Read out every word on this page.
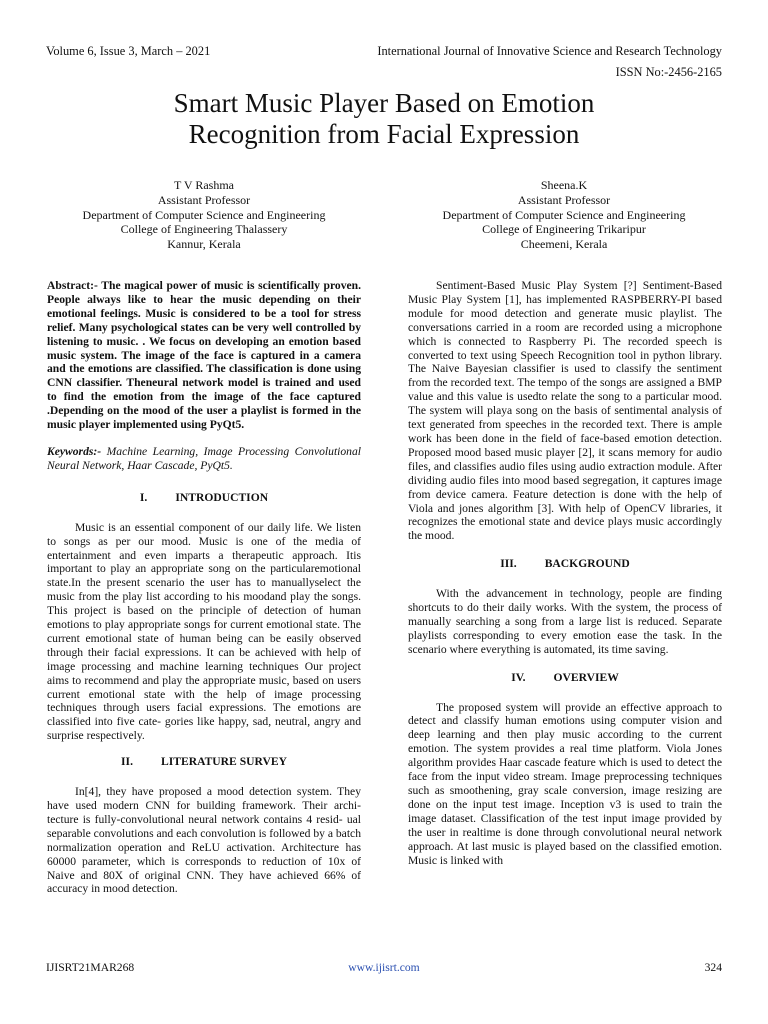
Volume 6, Issue 3, March – 2021	International Journal of Innovative Science and Research Technology
ISSN No:-2456-2165
Smart Music Player Based on Emotion
Recognition from Facial Expression
T V Rashma
Assistant Professor
Department of Computer Science and Engineering
College of Engineering Thalassery
Kannur, Kerala
Sheena.K
Assistant Professor
Department of Computer Science and Engineering
College of Engineering Trikaripur
Cheemeni, Kerala

Abstract:- The magical power of music is scientifically proven. People always like to hear the music depending on their emotional feelings. Music is considered to be a tool for stress relief. Many psychological states can be very well controlled by listening to music. . We focus on developing an emotion based music system. The image of the face is captured in a camera and the emotions are classified. The classification is done using CNN classifier. Theneural network model is trained and used to find the emotion from the image of the face captured .Depending on the mood of the user a playlist is formed in the music player implemented using PyQt5.

Keywords:- Machine Learning, Image Processing Convolutional Neural Network, Haar Cascade, PyQt5.

I. INTRODUCTION

Music is an essential component of our daily life. We listen to songs as per our mood. Music is one of the media of entertainment and even imparts a therapeutic approach. Itis important to play an appropriate song on the particularemotional state.In the present scenario the user has to manuallyselect the music from the play list according to his moodand play the songs. This project is based on the principle of detection of human emotions to play appropriate songs for current emotional state. The current emotional state of human being can be easily observed through their facial expressions. It can be achieved with help of image processing and machine learning techniques Our project aims to recommend and play the appropriate music, based on users current emotional state with the help of image processing techniques through users facial expressions. The emotions are classified into five cate- gories like happy, sad, neutral, angry and surprise respectively.

II. LITERATURE SURVEY

In[4], they have proposed a mood detection system. They have used modern CNN for building framework. Their archi- tecture is fully-convolutional neural network contains 4 resid- ual separable convolutions and each convolution is followed by a batch normalization operation and ReLU activation. Architecture has 60000 parameter, which is corresponds to reduction of 10x of Naive and 80X of original CNN. They have achieved 66% of accuracy in mood detection.

Sentiment-Based Music Play System [?] Sentiment-Based Music Play System [1], has implemented RASPBERRY-PI based module for mood detection and generate music playlist. The conversations carried in a room are recorded using a microphone which is connected to Raspberry Pi. The recorded speech is converted to text using Speech Recognition tool in python library. The Naive Bayesian classifier is used to classify the sentiment from the recorded text. The tempo of the songs are assigned a BMP value and this value is usedto relate the song to a particular mood. The system will playa song on the basis of sentimental analysis of text generated from speeches in the recorded text. There is ample work has been done in the field of face-based emotion detection. Proposed mood based music player [2], it scans memory for audio files, and classifies audio files using audio extraction module. After dividing audio files into mood based segregation, it captures image from device camera. Feature detection is done with the help of Viola and jones algorithm [3]. With help of OpenCV libraries, it recognizes the emotional state and device plays music accordingly the mood.

III. BACKGROUND

With the advancement in technology, people are finding shortcuts to do their daily works. With the system, the process of manually searching a song from a large list is reduced. Separate playlists corresponding to every emotion ease the task. In the scenario where everything is automated, its time saving.

IV. OVERVIEW

The proposed system will provide an effective approach to detect and classify human emotions using computer vision and deep learning and then play music according to the current emotion. The system provides a real time platform. Viola Jones algorithm provides Haar cascade feature which is used to detect the face from the input video stream. Image preprocessing techniques such as smoothening, gray scale conversion, image resizing are done on the input test image. Inception v3 is used to train the image dataset. Classification of the test input image provided by the user in realtime is done through convolutional neural network approach. At last music is played based on the classified emotion. Music is linked with

IJISRT21MAR268	www.ijisrt.com	324
